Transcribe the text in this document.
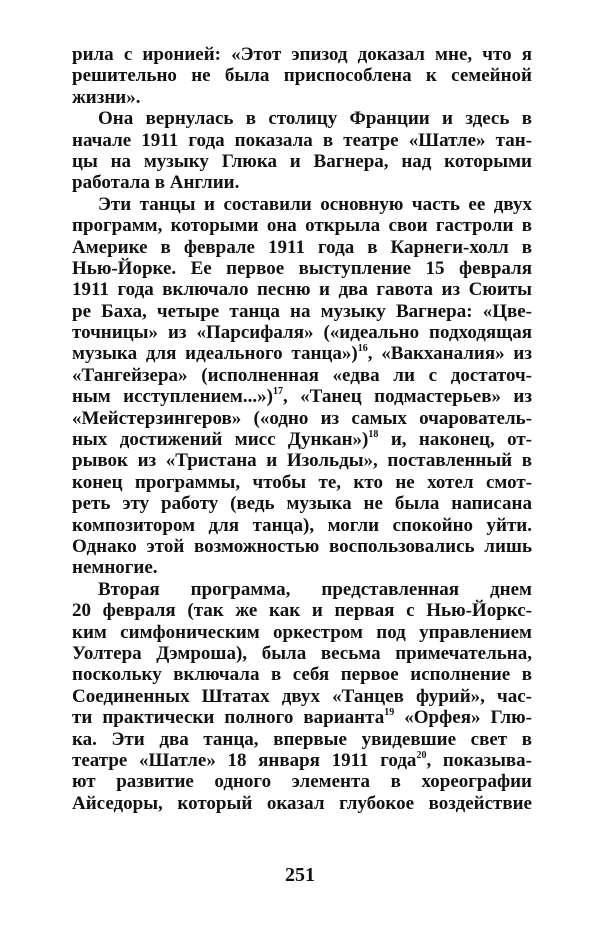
рила с иронией: «Этот эпизод доказал мне, что я
решительно не была приспособлена к семейной
жизни».
Она вернулась в столицу Франции и здесь в
начале 1911 года показала в театре «Шатле» тан-
цы на музыку Глюка и Вагнера, над которыми
работала в Англии.
Эти танцы и составили основную часть ее двух
программ, которыми она открыла свои гастроли в
Америке в феврале 1911 года в Карнеги-холл в
Нью-Йорке. Ее первое выступление 15 февраля
1911 года включало песню и два гавота из Сюиты
ре Баха, четыре танца на музыку Вагнера: «Цве-
точницы» из «Парсифаля» («идеально подходящая
музыка для идеального танца»)$^{16}$, «Вакханалия» из
«Тангейзера» (исполненная «едва ли с достаточ-
ным исступлением...»)$^{17}$, «Танец подмастерьев» из
«Мейстерзингеров» («одно из самых очарователь-
ных достижений мисс Дункан»)$^{18}$ и, наконец, от-
рывок из «Тристана и Изольды», поставленный в
конец программы, чтобы те, кто не хотел смот-
реть эту работу (ведь музыка не была написана
композитором для танца), могли спокойно уйти.
Однако этой возможностью воспользовались лишь
немногие.
Вторая программа, представленная днем
20 февраля (так же как и первая с Нью-Йоркс-
ким симфоническим оркестром под управлением
Уолтера Дэмроша), была весьма примечательна,
поскольку включала в себя первое исполнение в
Соединенных Штатах двух «Танцев фурий», час-
ти практически полного варианта$^{19}$ «Орфея» Глю-
ка. Эти два танца, впервые увидевшие свет в
театре «Шатле» 18 января 1911 года$^{20}$, показыва-
ют развитие одного элемента в хореографии
Айседоры, который оказал глубокое воздействие
251
